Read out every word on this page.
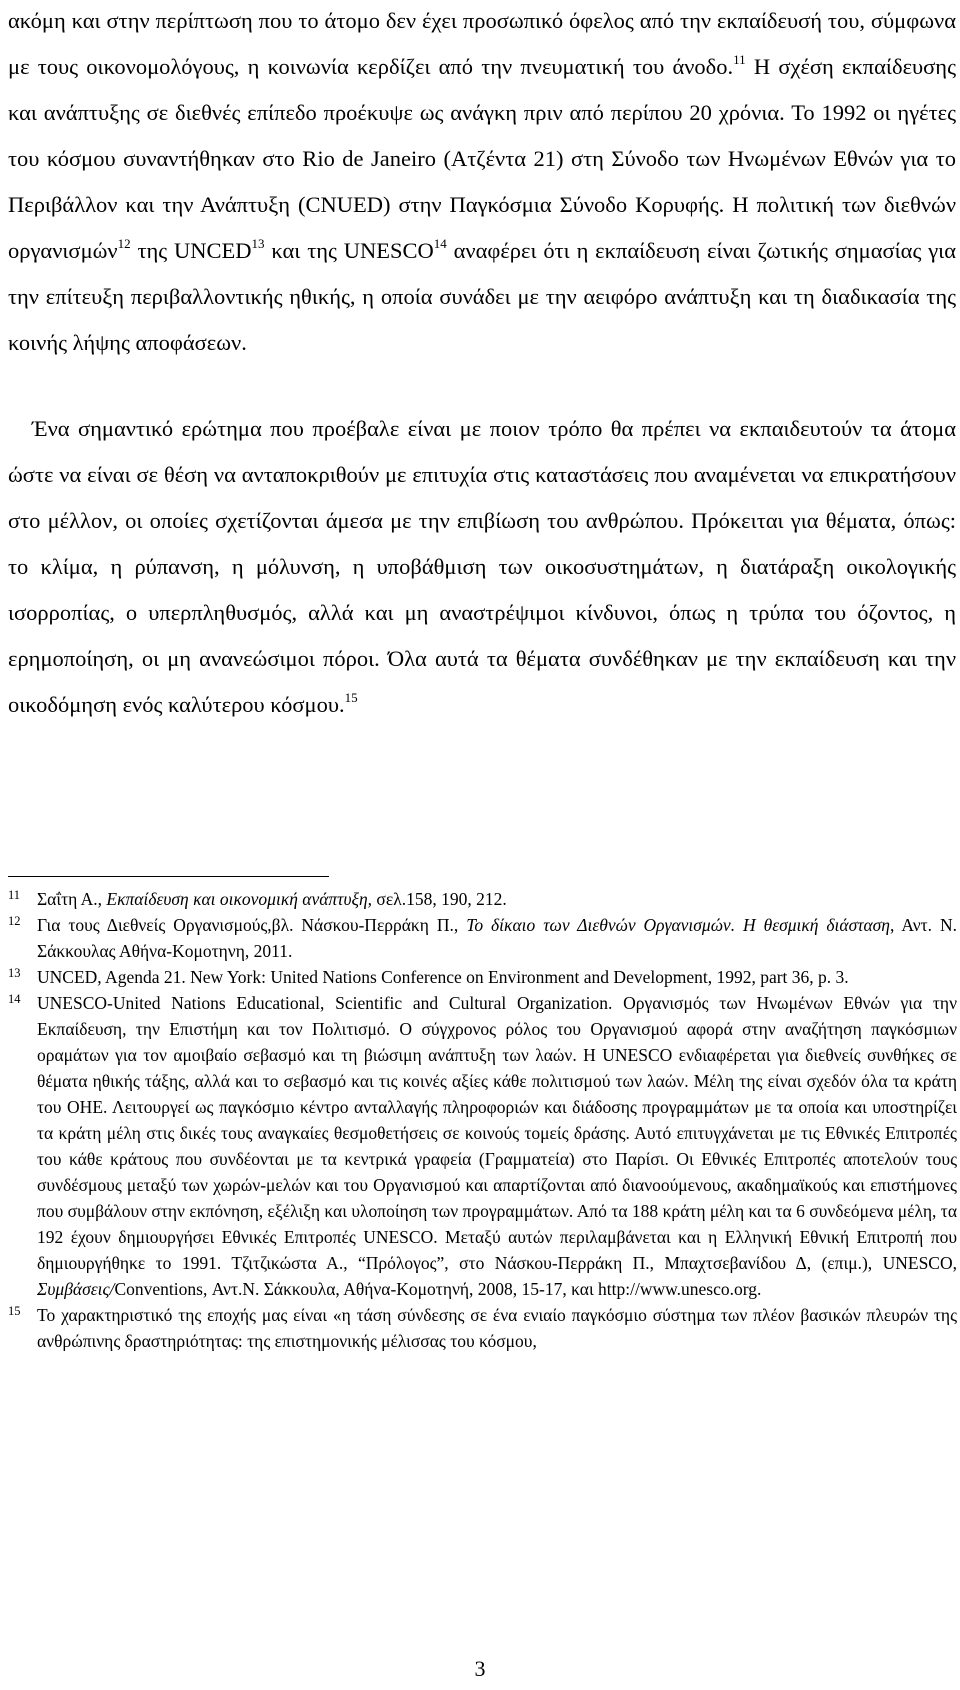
ακόμη και στην περίπτωση που το άτομο δεν έχει προσωπικό όφελος από την εκπαίδευσή του, σύμφωνα με τους οικονομολόγους, η κοινωνία κερδίζει από την πνευματική του άνοδο.$^{11}$ Η σχέση εκπαίδευσης και ανάπτυξης σε διεθνές επίπεδο προέκυψε ως ανάγκη πριν από περίπου 20 χρόνια. Το 1992 οι ηγέτες του κόσμου συναντήθηκαν στο Rio de Janeiro (Ατζέντα 21) στη Σύνοδο των Ηνωμένων Εθνών για το Περιβάλλον και την Ανάπτυξη (CNUED) στην Παγκόσμια Σύνοδο Κορυφής. Η πολιτική των διεθνών οργανισμών$^{12}$ της UNCED$^{13}$ και της UNESCO$^{14}$ αναφέρει ότι η εκπαίδευση είναι ζωτικής σημασίας για την επίτευξη περιβαλλοντικής ηθικής, η οποία συνάδει με την αειφόρο ανάπτυξη και τη διαδικασία της κοινής λήψης αποφάσεων.
Ένα σημαντικό ερώτημα που προέβαλε είναι με ποιον τρόπο θα πρέπει να εκπαιδευτούν τα άτομα ώστε να είναι σε θέση να ανταποκριθούν με επιτυχία στις καταστάσεις που αναμένεται να επικρατήσουν στο μέλλον, οι οποίες σχετίζονται άμεσα με την επιβίωση του ανθρώπου. Πρόκειται για θέματα, όπως: το κλίμα, η ρύπανση, η μόλυνση, η υποβάθμιση των οικοσυστημάτων, η διατάραξη οικολογικής ισορροπίας, ο υπερπληθυσμός, αλλά και μη αναστρέψιμοι κίνδυνοι, όπως η τρύπα του όζοντος, η ερημοποίηση, οι μη ανανεώσιμοι πόροι. Όλα αυτά τα θέματα συνδέθηκαν με την εκπαίδευση και την οικοδόμηση ενός καλύτερου κόσμου.$^{15}$

11 Σαΐτη Α., Εκπαίδευση και οικονομική ανάπτυξη, σελ.158, 190, 212.

12 Για τους Διεθνείς Οργανισμούς,βλ. Νάσκου-Περράκη Π., Το δίκαιο των Διεθνών Οργανισμών. Η θεσμική διάσταση, Αντ. Ν. Σάκκουλας Αθήνα-Κομοτηνη, 2011.

13 UNCED, Agenda 21. New York: United Nations Conference on Environment and Development, 1992, part 36, p. 3.

14 UNESCO-United Nations Educational, Scientific and Cultural Organization. Οργανισμός των Ηνωμένων Εθνών για την Εκπαίδευση, την Επιστήμη και τον Πολιτισμό. Ο σύγχρονος ρόλος του Οργανισμού αφορά στην αναζήτηση παγκόσμιων οραμάτων για τον αμοιβαίο σεβασμό και τη βιώσιμη ανάπτυξη των λαών. Η UNESCO ενδιαφέρεται για διεθνείς συνθήκες σε θέματα ηθικής τάξης, αλλά και το σεβασμό και τις κοινές αξίες κάθε πολιτισμού των λαών. Μέλη της είναι σχεδόν όλα τα κράτη του ΟΗΕ. Λειτουργεί ως παγκόσμιο κέντρο ανταλλαγής πληροφοριών και διάδοσης προγραμμάτων με τα οποία και υποστηρίζει τα κράτη μέλη στις δικές τους αναγκαίες θεσμοθετήσεις σε κοινούς τομείς δράσης. Αυτό επιτυγχάνεται με τις Εθνικές Επιτροπές του κάθε κράτους που συνδέονται με τα κεντρικά γραφεία (Γραμματεία) στο Παρίσι. Οι Εθνικές Επιτροπές αποτελούν τους συνδέσμους μεταξύ των χωρών-μελών και του Οργανισμού και απαρτίζονται από διανοούμενους, ακαδημαϊκούς και επιστήμονες που συμβάλουν στην εκπόνηση, εξέλιξη και υλοποίηση των προγραμμάτων. Από τα 188 κράτη μέλη και τα 6 συνδεόμενα μέλη, τα 192 έχουν δημιουργήσει Εθνικές Επιτροπές UNESCO. Μεταξύ αυτών περιλαμβάνεται και η Ελληνική Εθνική Επιτροπή που δημιουργήθηκε το 1991. Τζιτζικώστα Α., “Πρόλογος”, στο Νάσκου-Περράκη Π., Μπαχτσεβανίδου Δ, (επιμ.), UNESCO, Συμβάσεις/Conventions, Αντ.Ν. Σάκκουλα, Αθήνα-Κομοτηνή, 2008, 15-17, και http://www.unesco.org.

15 Το χαρακτηριστικό της εποχής μας είναι «η τάση σύνδεσης σε ένα ενιαίο παγκόσμιο σύστημα των πλέον βασικών πλευρών της ανθρώπινης δραστηριότητας: της επιστημονικής μέλισσας του κόσμου,

3
